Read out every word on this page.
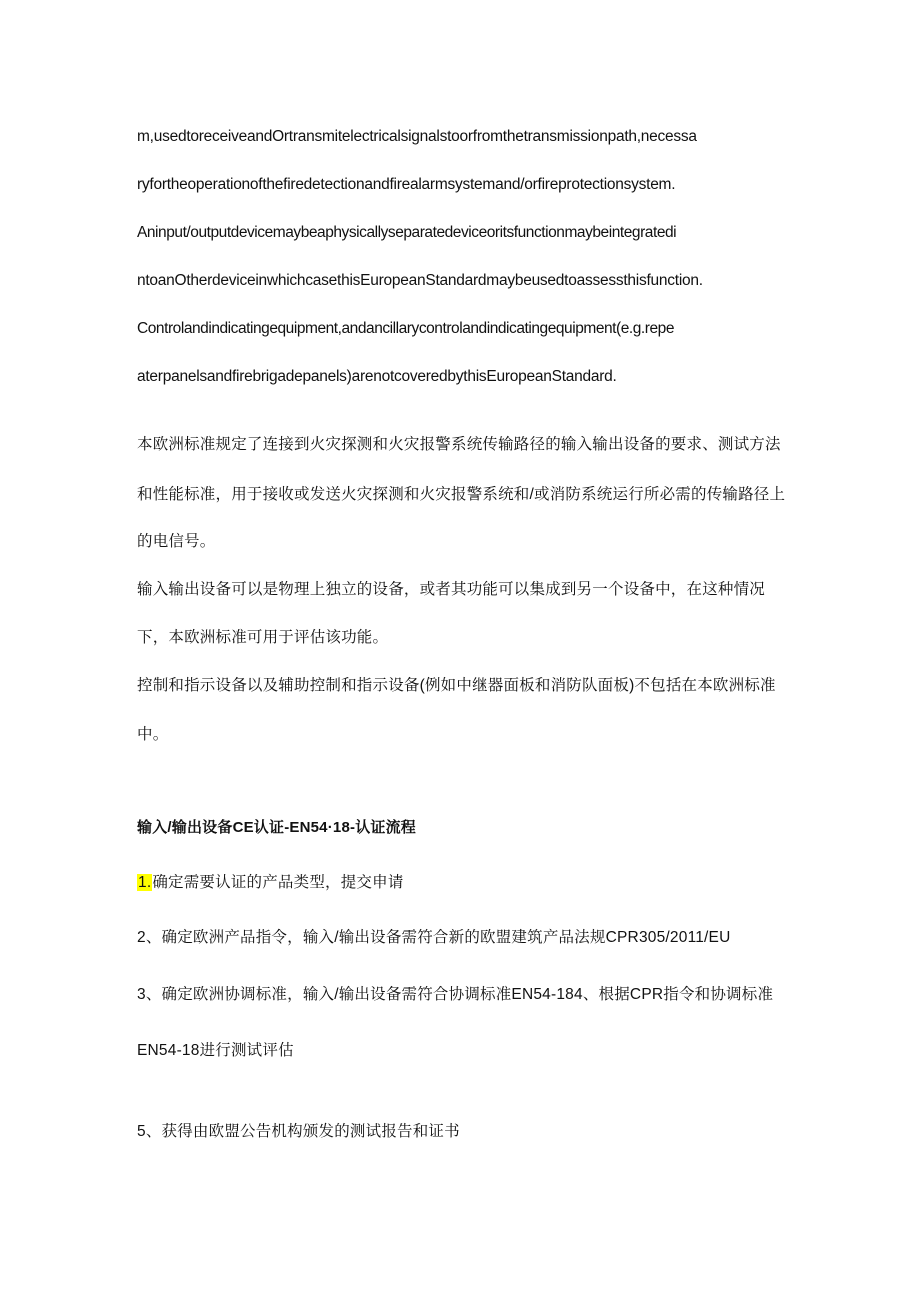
m,usedtoreceiveandOrtransmitelectricalsignalstoorfromthetransmissionpath,necessa
ryfortheoperationofthefiredetectionandfirealarmsystemand/orfireprotectionsystem.
Aninput/outputdevicemaybeaphysicallyseparatedeviceoritsfunctionmaybeintegratedi
ntoanOtherdeviceinwhichcasethisEuropeanStandardmaybeusedtoassessthisfunction.
Controlandindicatingequipment,andancillarycontrolandindicatingequipment(e.g.repe
aterpanelsandfirebrigadepanels)arenotcoveredbythisEuropeanStandard.
本欧洲标准规定了连接到火灾探测和火灾报警系统传输路径的输入输出设备的要求、测试方法
和性能标准，用于接收或发送火灾探测和火灾报警系统和/或消防系统运行所必需的传输路径上
的电信号。
输入输出设备可以是物理上独立的设备，或者其功能可以集成到另一个设备中，在这种情况
下，本欧洲标准可用于评估该功能。
控制和指示设备以及辅助控制和指示设备(例如中继器面板和消防队面板)不包括在本欧洲标准
中。
输入/输出设备CE认证-EN54·18-认证流程
1.确定需要认证的产品类型，提交申请
2、确定欧洲产品指令，输入/输出设备需符合新的欧盟建筑产品法规CPR305/2011/EU
3、确定欧洲协调标准，输入/输出设备需符合协调标准EN54-184、根据CPR指令和协调标准
EN54-18进行测试评估
5、获得由欧盟公告机构颁发的测试报告和证书
